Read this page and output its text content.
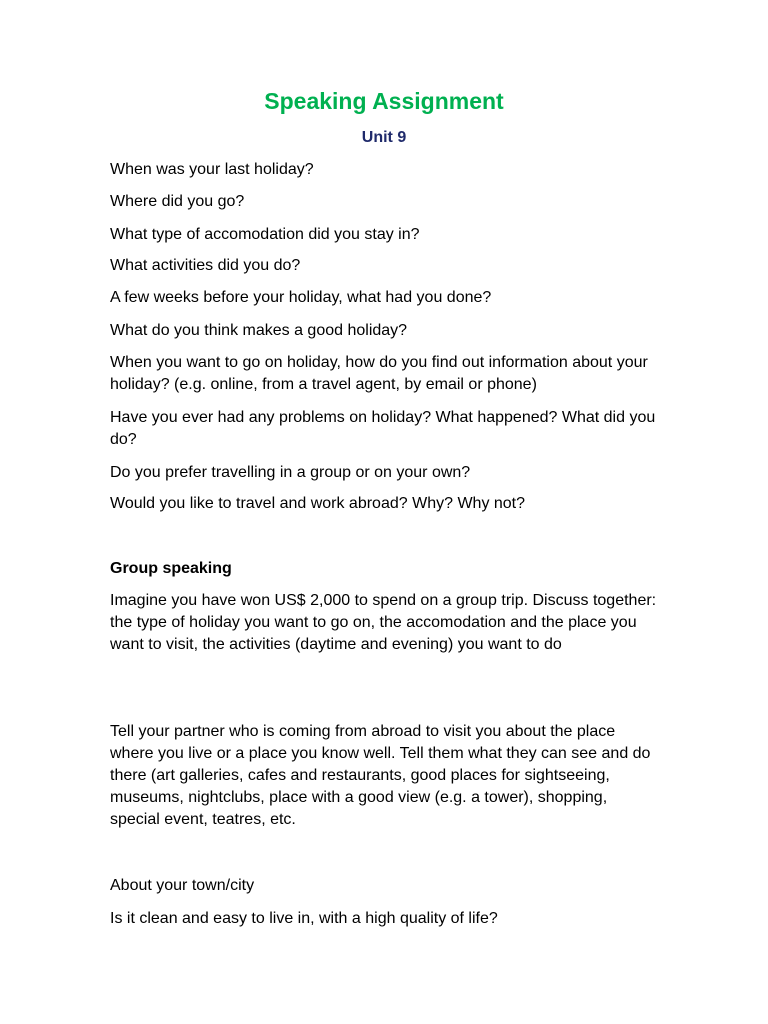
Speaking Assignment
Unit 9

When was your last holiday?

Where did you go?

What type of accomodation did you stay in?

What activities did you do?

A few weeks before your holiday, what had you done?

What do you think makes a good holiday?

When you want to go on holiday, how do you find out information about your holiday? (e.g. online, from a travel agent, by email or phone)

Have you ever had any problems on holiday? What happened? What did you do?

Do you prefer travelling in a group or on your own?

Would you like to travel and work abroad? Why? Why not?

Group speaking

Imagine you have won US$ 2,000 to spend on a group trip. Discuss together: the type of holiday you want to go on, the accomodation and the place you want to visit, the activities (daytime and evening) you want to do

Tell your partner who is coming from abroad to visit you about the place where you live or a place you know well. Tell them what they can see and do there (art galleries, cafes and restaurants, good places for sightseeing, museums, nightclubs, place with a good view (e.g. a tower), shopping, special event, teatres, etc.

About your town/city

Is it clean and easy to live in, with a high quality of life?
